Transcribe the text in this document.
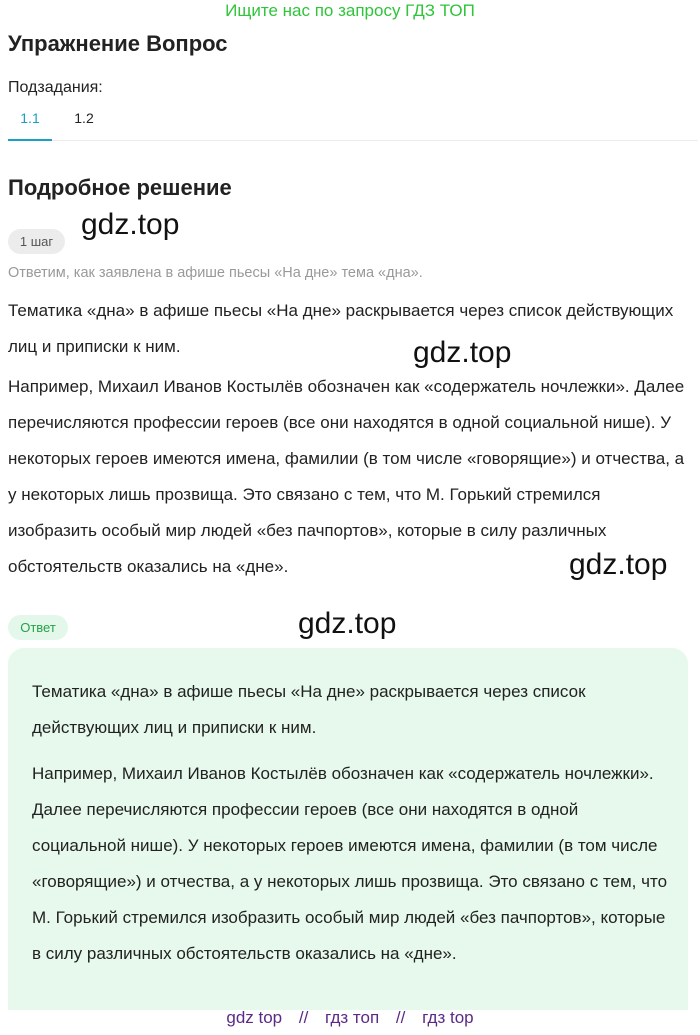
Ищите нас по запросу ГДЗ ТОП
Упражнение Вопрос
Подзадания:
1.1	1.2
Подробное решение
1 шаг
gdz.top
Ответим, как заявлена в афише пьесы «На дне» тема «дна».

Тематика «дна» в афише пьесы «На дне» раскрывается через список действующих лиц и приписки к ним.

Например, Михаил Иванов Костылёв обозначен как «содержатель ночлежки». Далее перечисляются профессии героев (все они находятся в одной социальной нише). У некоторых героев имеются имена, фамилии (в том числе «говорящие») и отчества, а у некоторых лишь прозвища. Это связано с тем, что М. Горький стремился изобразить особый мир людей «без пачпортов», которые в силу различных обстоятельств оказались на «дне».

gdz.top
gdz.top
Ответ	gdz.top

Тематика «дна» в афише пьесы «На дне» раскрывается через список действующих лиц и приписки к ним.

Например, Михаил Иванов Костылёв обозначен как «содержатель ночлежки». Далее перечисляются профессии героев (все они находятся в одной социальной нише). У некоторых героев имеются имена, фамилии (в том числе «говорящие») и отчества, а у некоторых лишь прозвища. Это связано с тем, что М. Горький стремился изобразить особый мир людей «без пачпортов», которые в силу различных обстоятельств оказались на «дне».

gdz top // гдз топ // гдз top
